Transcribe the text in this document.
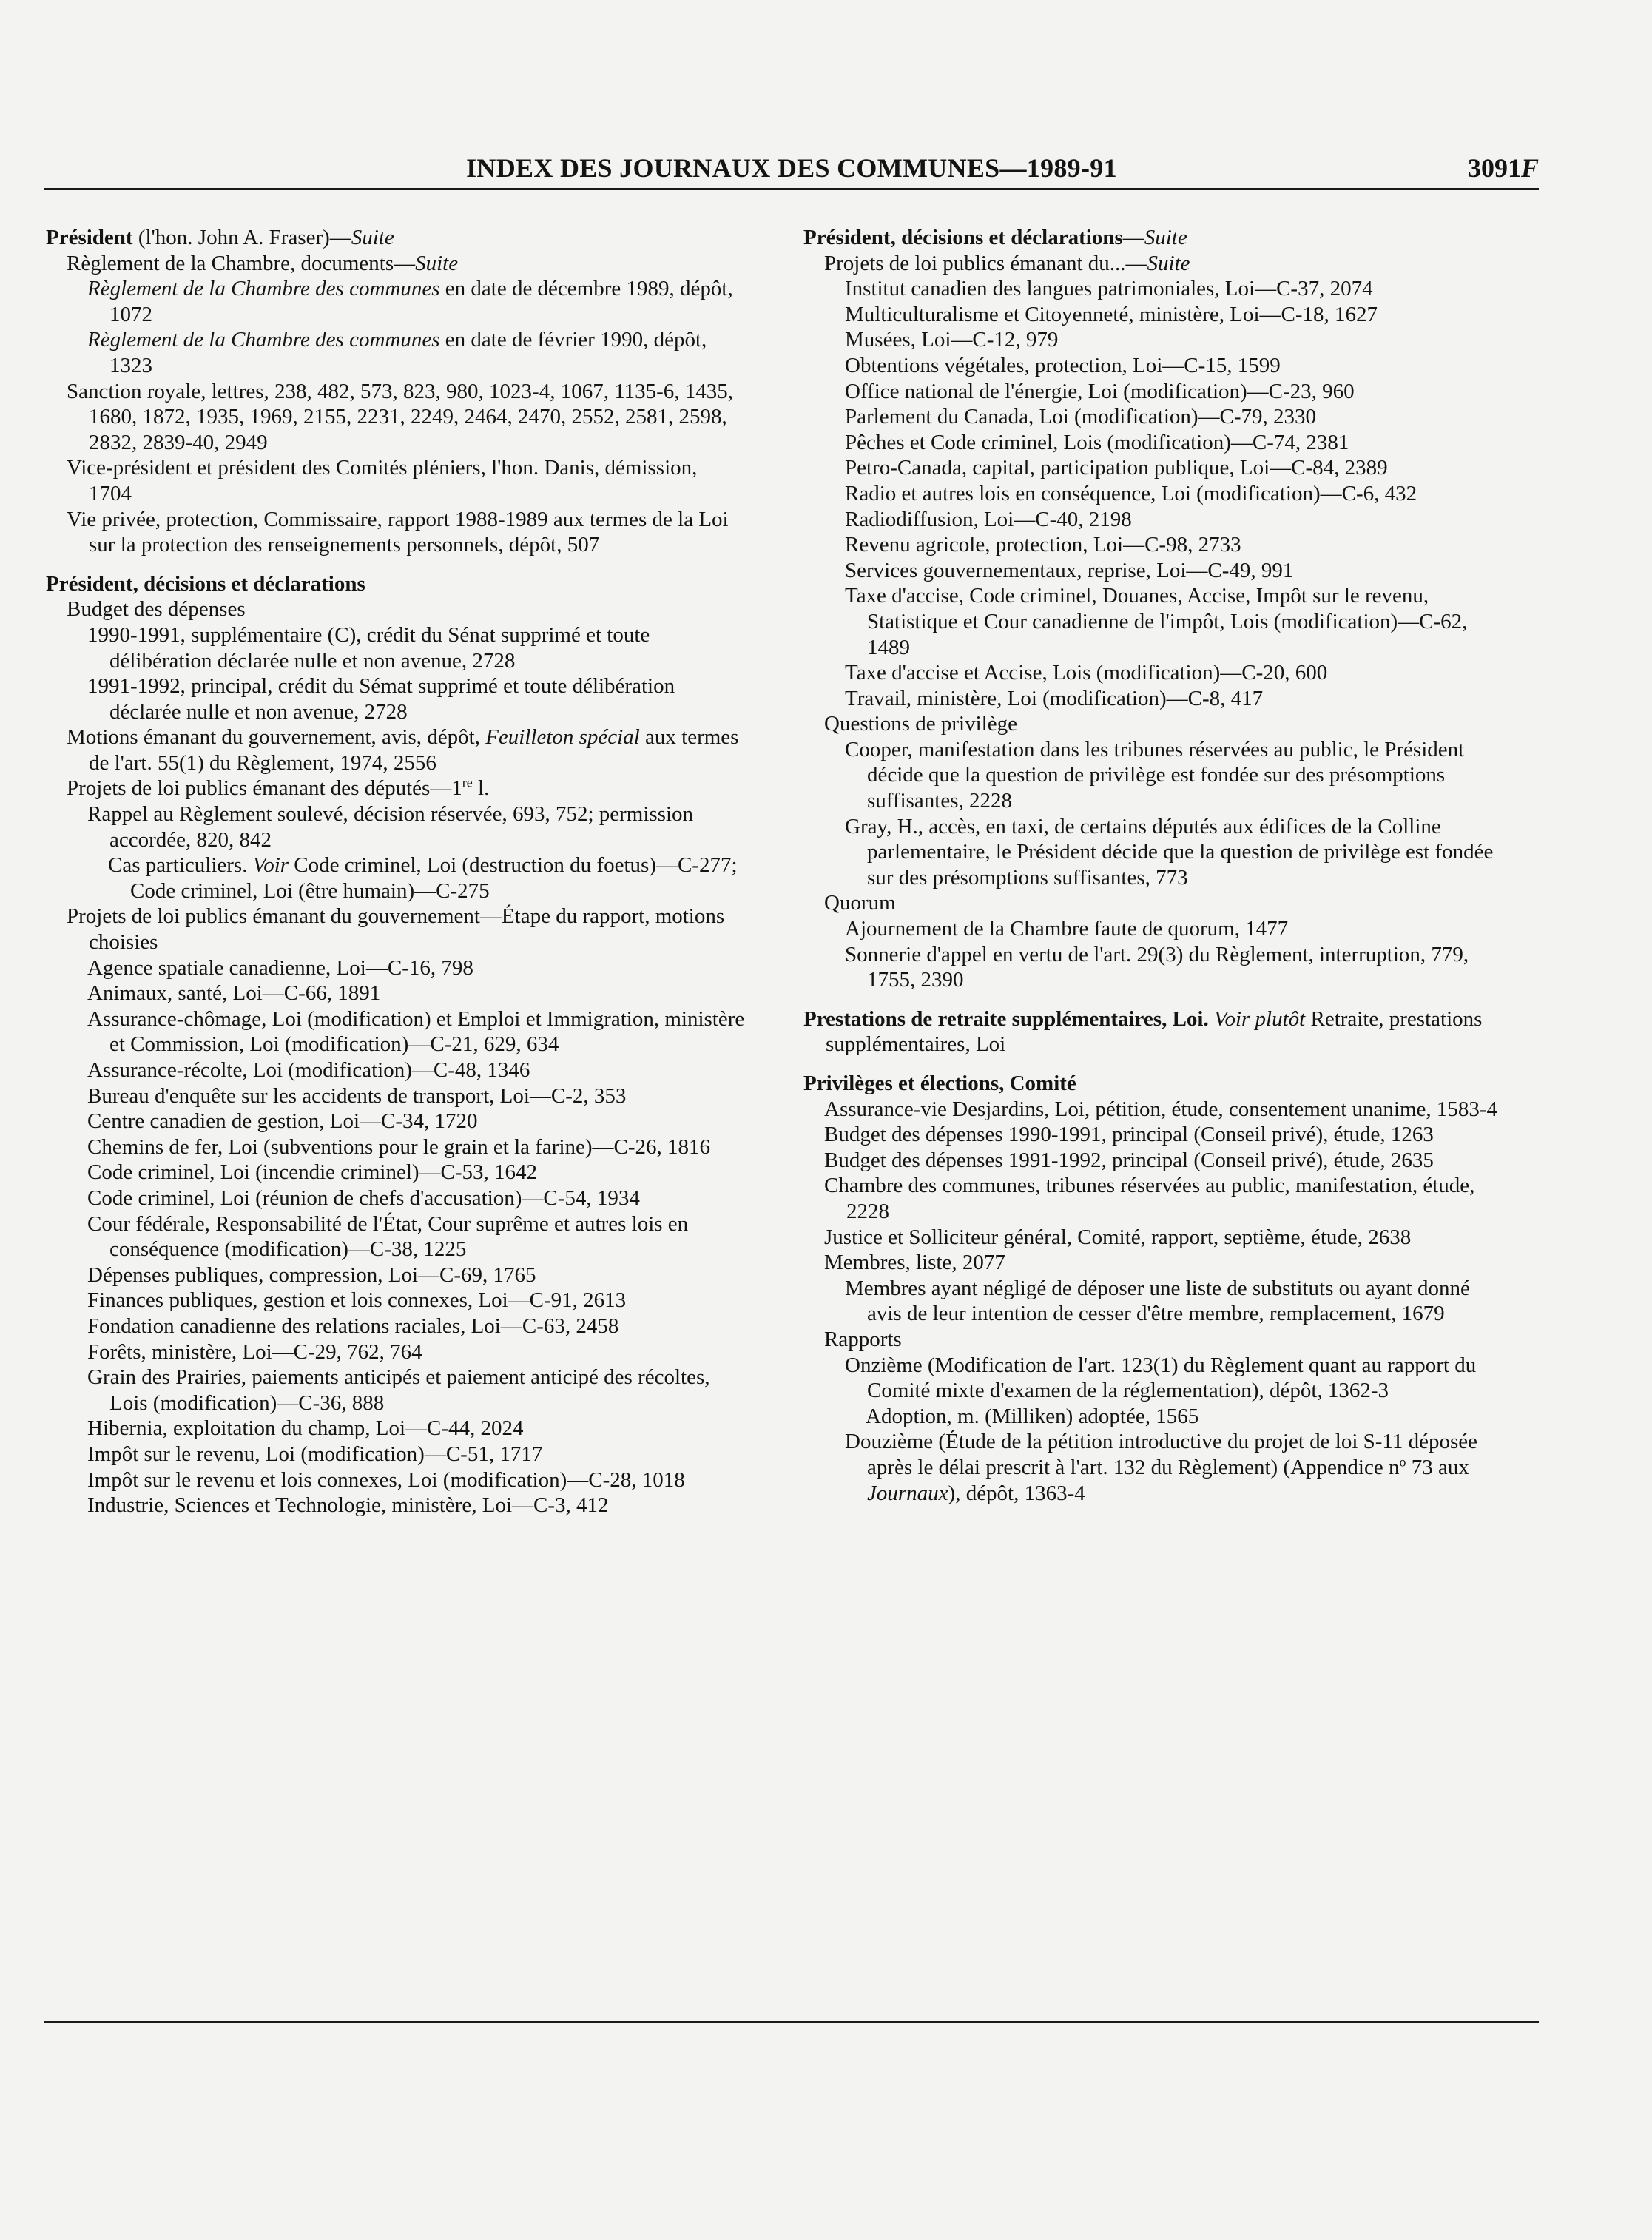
INDEX DES JOURNAUX DES COMMUNES—1989-91	3091F

Président (l'hon. John A. Fraser)—Suite

Règlement de la Chambre, documents—Suite

Règlement de la Chambre des communes en date de décembre 1989, dépôt, 1072

Règlement de la Chambre des communes en date de février 1990, dépôt, 1323

Sanction royale, lettres, 238, 482, 573, 823, 980, 1023-4, 1067, 1135-6, 1435, 1680, 1872, 1935, 1969, 2155, 2231, 2249, 2464, 2470, 2552, 2581, 2598, 2832, 2839-40, 2949

Vice-président et président des Comités pléniers, l'hon. Danis, démission, 1704

Vie privée, protection, Commissaire, rapport 1988-1989 aux termes de la Loi sur la protection des renseignements personnels, dépôt, 507

Président, décisions et déclarations

Budget des dépenses

1990-1991, supplémentaire (C), crédit du Sénat supprimé et toute délibération déclarée nulle et non avenue, 2728

1991-1992, principal, crédit du Sémat supprimé et toute délibération déclarée nulle et non avenue, 2728

Motions émanant du gouvernement, avis, dépôt, Feuilleton spécial aux termes de l'art. 55(1) du Règlement, 1974, 2556

Projets de loi publics émanant des députés—1re l.

Rappel au Règlement soulevé, décision réservée, 693, 752; permission accordée, 820, 842

Cas particuliers. Voir Code criminel, Loi (destruction du foetus)—C-277; Code criminel, Loi (être humain)—C-275

Projets de loi publics émanant du gouvernement—Étape du rapport, motions choisies

Agence spatiale canadienne, Loi—C-16, 798

Animaux, santé, Loi—C-66, 1891

Assurance-chômage, Loi (modification) et Emploi et Immigration, ministère et Commission, Loi (modification)—C-21, 629, 634

Assurance-récolte, Loi (modification)—C-48, 1346

Bureau d'enquête sur les accidents de transport, Loi—C-2, 353

Centre canadien de gestion, Loi—C-34, 1720

Chemins de fer, Loi (subventions pour le grain et la farine)—C-26, 1816

Code criminel, Loi (incendie criminel)—C-53, 1642

Code criminel, Loi (réunion de chefs d'accusation)—C-54, 1934

Cour fédérale, Responsabilité de l'État, Cour suprême et autres lois en conséquence (modification)—C-38, 1225

Dépenses publiques, compression, Loi—C-69, 1765

Finances publiques, gestion et lois connexes, Loi—C-91, 2613

Fondation canadienne des relations raciales, Loi—C-63, 2458

Forêts, ministère, Loi—C-29, 762, 764

Grain des Prairies, paiements anticipés et paiement anticipé des récoltes, Lois (modification)—C-36, 888

Hibernia, exploitation du champ, Loi—C-44, 2024

Impôt sur le revenu, Loi (modification)—C-51, 1717

Impôt sur le revenu et lois connexes, Loi (modification)—C-28, 1018

Industrie, Sciences et Technologie, ministère, Loi—C-3, 412

Président, décisions et déclarations—Suite

Projets de loi publics émanant du...—Suite

Institut canadien des langues patrimoniales, Loi—C-37, 2074

Multiculturalisme et Citoyenneté, ministère, Loi—C-18, 1627

Musées, Loi—C-12, 979

Obtentions végétales, protection, Loi—C-15, 1599

Office national de l'énergie, Loi (modification)—C-23, 960

Parlement du Canada, Loi (modification)—C-79, 2330

Pêches et Code criminel, Lois (modification)—C-74, 2381

Petro-Canada, capital, participation publique, Loi—C-84, 2389

Radio et autres lois en conséquence, Loi (modification)—C-6, 432

Radiodiffusion, Loi—C-40, 2198

Revenu agricole, protection, Loi—C-98, 2733

Services gouvernementaux, reprise, Loi—C-49, 991

Taxe d'accise, Code criminel, Douanes, Accise, Impôt sur le revenu, Statistique et Cour canadienne de l'impôt, Lois (modification)—C-62, 1489

Taxe d'accise et Accise, Lois (modification)—C-20, 600

Travail, ministère, Loi (modification)—C-8, 417

Questions de privilège

Cooper, manifestation dans les tribunes réservées au public, le Président décide que la question de privilège est fondée sur des présomptions suffisantes, 2228

Gray, H., accès, en taxi, de certains députés aux édifices de la Colline parlementaire, le Président décide que la question de privilège est fondée sur des présomptions suffisantes, 773

Quorum

Ajournement de la Chambre faute de quorum, 1477

Sonnerie d'appel en vertu de l'art. 29(3) du Règlement, interruption, 779, 1755, 2390

Prestations de retraite supplémentaires, Loi. Voir plutôt Retraite, prestations supplémentaires, Loi

Privilèges et élections, Comité

Assurance-vie Desjardins, Loi, pétition, étude, consentement unanime, 1583-4

Budget des dépenses 1990-1991, principal (Conseil privé), étude, 1263

Budget des dépenses 1991-1992, principal (Conseil privé), étude, 2635

Chambre des communes, tribunes réservées au public, manifestation, étude, 2228

Justice et Solliciteur général, Comité, rapport, septième, étude, 2638

Membres, liste, 2077

Membres ayant négligé de déposer une liste de substituts ou ayant donné avis de leur intention de cesser d'être membre, remplacement, 1679

Rapports

Onzième (Modification de l'art. 123(1) du Règlement quant au rapport du Comité mixte d'examen de la réglementation), dépôt, 1362-3

Adoption, m. (Milliken) adoptée, 1565

Douzième (Étude de la pétition introductive du projet de loi S-11 déposée après le délai prescrit à l'art. 132 du Règlement) (Appendice $n^o$ 73 aux Journaux), dépôt, 1363-4
